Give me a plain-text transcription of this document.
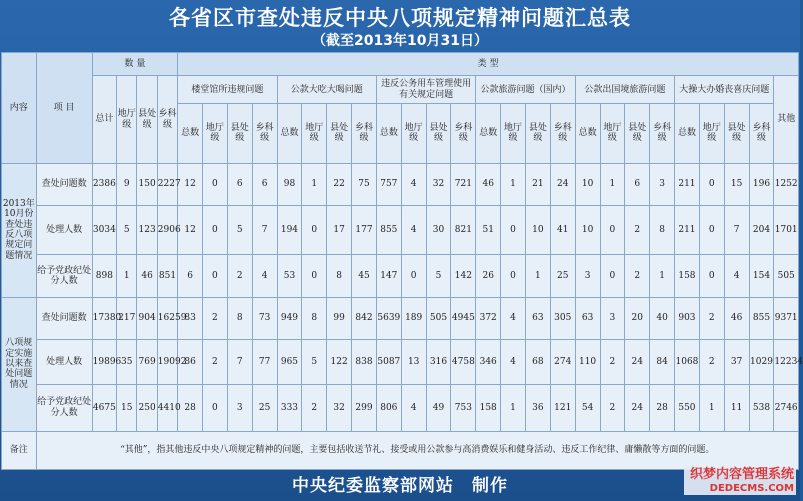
各省区市查处违反中央八项规定精神问题汇总表
（截至2013年10月31日）
内容	项 目	数 量				类 型																								
		总计	地厅级	县处级	乡科级	楼堂馆所违规问题				公款大吃大喝问题				违反公务用车管理使用有关规定问题				公款旅游问题（国内）				公款出国境旅游问题				大操大办婚丧喜庆问题				其他
						总数	地厅级	县处级	乡科级	总数	地厅级	县处级	乡科级	总数	地厅级	县处级	乡科级	总数	地厅级	县处级	乡科级	总数	地厅级	县处级	乡科级	总数	地厅级	县处级	乡科级	
2013年10月份查处违反八项规定问题情况	查处问题数	2386	9	150	2227	12	0	6	6	98	1	22	75	757	4	32	721	46	1	21	24	10	1	6	3	211	0	15	196	1252
	处理人数	3034	5	123	2906	12	0	5	7	194	0	17	177	855	4	30	821	51	0	10	41	10	0	2	8	211	0	7	204	1701
	给予党政纪处分人数	898	1	46	851	6	0	2	4	53	0	8	45	147	0	5	142	26	0	1	25	3	0	2	1	158	0	4	154	505
八项规定实施以来查处问题情况	查处问题数	17380	217	904	16259	83	2	8	73	949	8	99	842	5639	189	505	4945	372	4	63	305	63	3	20	40	903	2	46	855	9371
	处理人数	19896	35	769	19092	86	2	7	77	965	5	122	838	5087	13	316	4758	346	4	68	274	110	2	24	84	1068	2	37	1029	12234
	给予党政纪处分人数	4675	15	250	4410	28	0	3	25	333	2	32	299	806	4	49	753	158	1	36	121	54	2	24	28	550	1	11	538	2746
备注	“其他”，指其他违反中央八项规定精神的问题，主要包括收送节礼、接受或用公款参与高消费娱乐和健身活动、违反工作纪律、庸懒散等方面的问题。																													
中央纪委监察部网站　制作
织梦内容管理系统
DEDECMS.COM
